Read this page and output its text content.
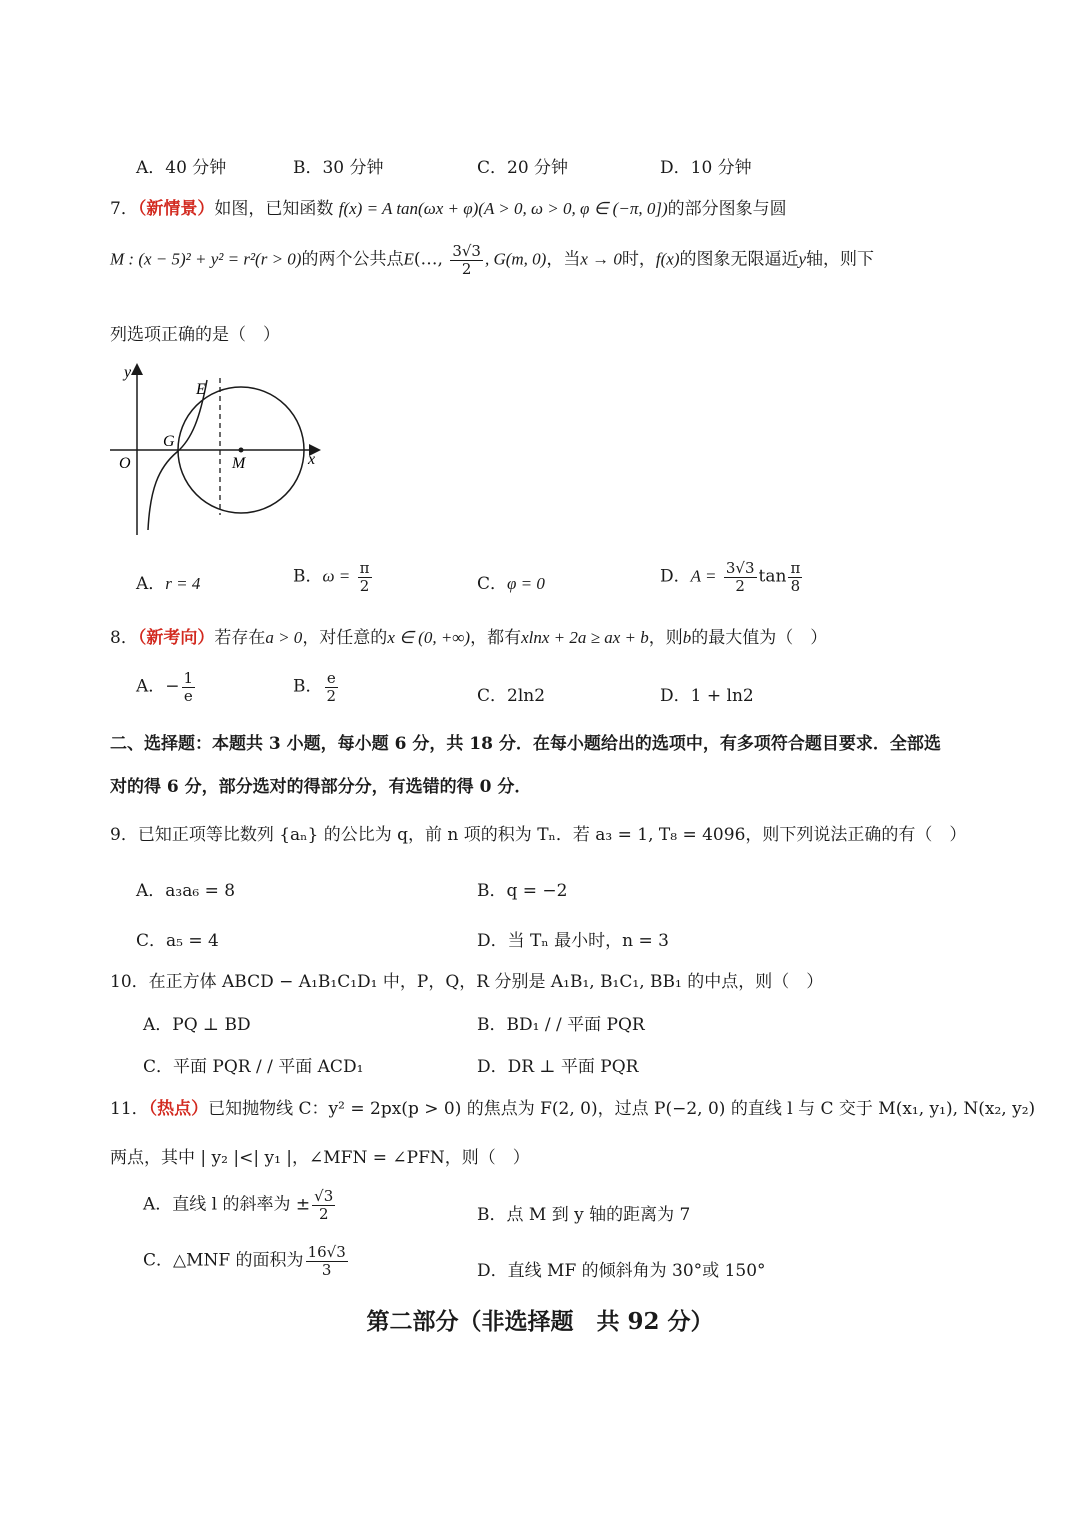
A．40 分钟	B．30 分钟	C．20 分钟	D．10 分钟
7．（新情景）如图，已知函数 f(x) = A tan(ωx + φ)(A > 0, ω > 0, φ ∈ (−π, 0])的部分图象与圆
M : (x − 5)² + y² = r²(r > 0)的两个公共点E(…, $\frac{3√3}{2}$ , G(m, 0)，当x → 0时，f(x)的图象无限逼近y轴，则下
列选项正确的是（　）
y
x
O
E
G
M
A．r = 4	B．$\omega = \frac{\pi}{2}$	C．φ = 0	D．$A = \frac{3√3}{2}$ $\tan \frac{\pi}{8}$
8．（新考向）若存在a > 0，对任意的x ∈ (0, +∞)，都有xlnx + 2a ≥ ax + b，则b的最大值为（　）
A．− $\frac{1}{e}$	B． $\frac{e}{2}$	C．2ln2	D．1 + ln2
二、选择题：本题共 3 小题，每小题 6 分，共 18 分．在每小题给出的选项中，有多项符合题目要求．全部选
对的得 6 分，部分选对的得部分分，有选错的得 0 分．
9．已知正项等比数列 {aₙ} 的公比为 q，前 n 项的积为 Tₙ．若 a₃ = 1, T₈ = 4096，则下列说法正确的有（　）
A．a₃a₆ = 8	B．q = −2
C．a₅ = 4	D．当 Tₙ 最小时，n = 3
10．在正方体 ABCD − A₁B₁C₁D₁ 中，P，Q，R 分别是 A₁B₁, B₁C₁, BB₁ 的中点，则（　）
A．PQ ⊥ BD	B．BD₁ / / 平面 PQR
C．平面 PQR / / 平面 ACD₁	D．DR ⊥ 平面 PQR
11．（热点）已知抛物线 C：y² = 2px(p > 0) 的焦点为 F(2, 0)，过点 P(−2, 0) 的直线 l 与 C 交于 M(x₁, y₁), N(x₂, y₂)
两点，其中 | y₂ |<| y₁ |，∠MFN = ∠PFN，则（　）
A．直线 l 的斜率为 ± $\frac{√3}{2}$	B．点 M 到 y 轴的距离为 7
C．△MNF 的面积为 $\frac{16√3}{3}$	D．直线 MF 的倾斜角为 30°或 150°
第二部分（非选择题　共 92 分）
